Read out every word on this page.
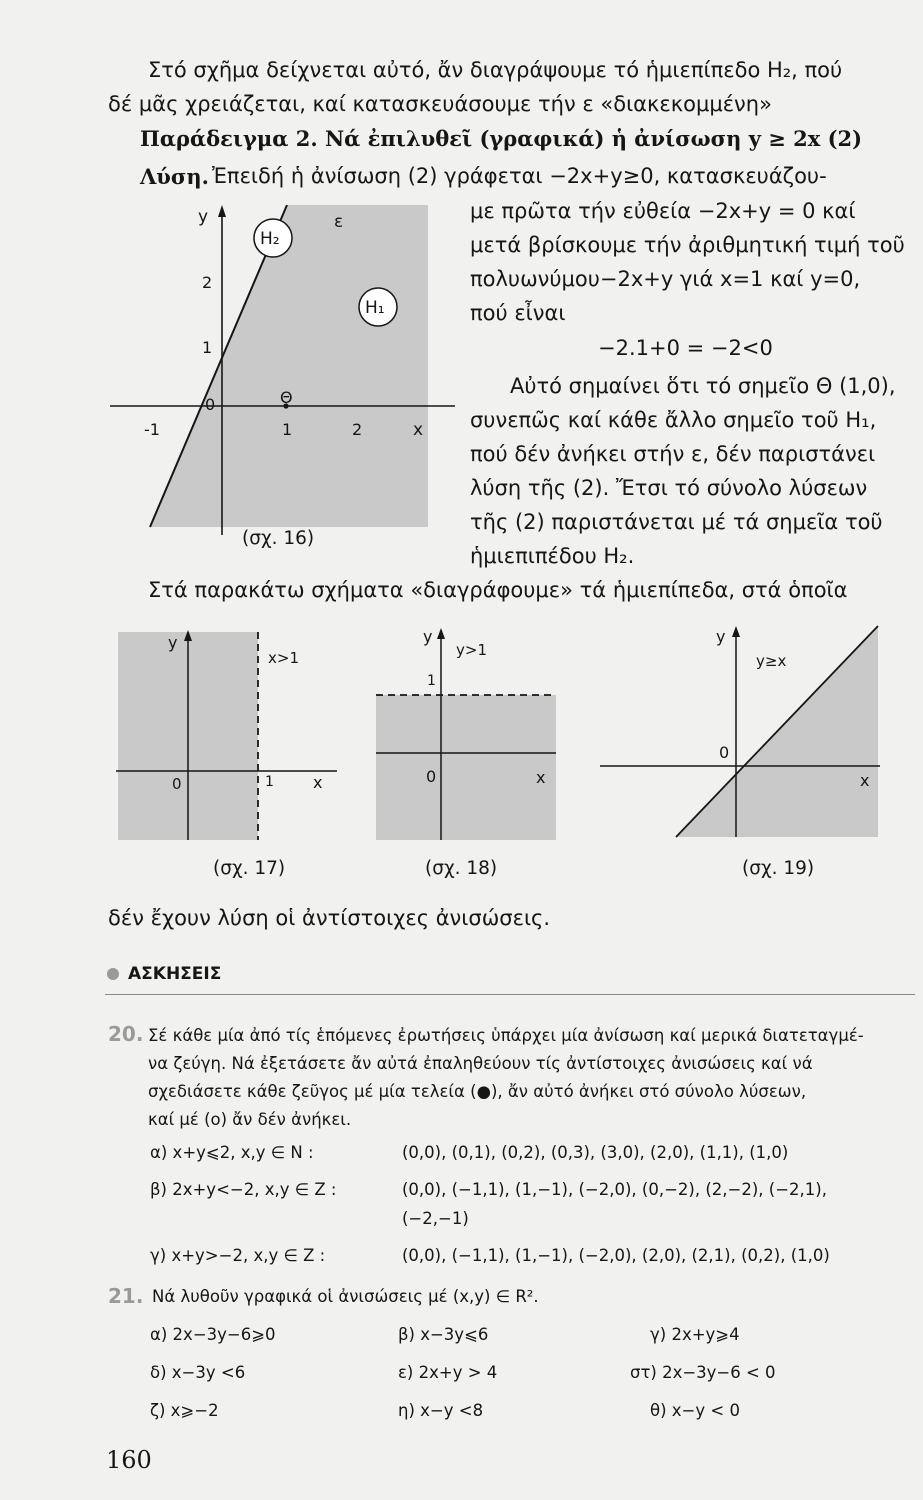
Στό σχῆμα δείχνεται αὐτό, ἄν διαγράψουμε τό ἡμιεπίπεδο H₂, πού
δέ μᾶς χρειάζεται, καί κατασκευάσουμε τήν ε «διακεκομμένη»
Παράδειγμα 2. Νά ἐπιλυθεῖ (γραφικά) ἡ ἀνίσωση y ≥ 2x (2)
Λύση. Ἐπειδή ἡ ἀνίσωση (2) γράφεται −2x+y≥0, κατασκευάζου-
με πρῶτα τήν εὐθεία −2x+y = 0 καί
μετά βρίσκουμε τήν ἀριθμητική τιμή τοῦ
πολυωνύμου−2x+y γιά x=1 καί y=0,
πού εἶναι
−2.1+0 = −2<0
Αὐτό σημαίνει ὅτι τό σημεῖο Θ (1,0),
συνεπῶς καί κάθε ἄλλο σημεῖο τοῦ H₁,
πού δέν ἀνήκει στήν ε, δέν παριστάνει
λύση τῆς (2). Ἔτσι τό σύνολο λύσεων
τῆς (2) παριστάνεται μέ τά σημεῖα τοῦ
ἡμιεπιπέδου H₂.
Στά παρακάτω σχήματα «διαγράφουμε» τά ἡμιεπίπεδα, στά ὁποῖα
y	ε
H₂
H₁
2
1
0	Θ
-1	1	2	x
(σχ. 16)
y
x>1
0	1 x
(σχ. 17)
y
y>1
1
0	x
(σχ. 18)
y
y≥x
0
x
(σχ. 19)
δέν ἔχουν λύση οἱ ἀντίστοιχες ἀνισώσεις.
ΑΣΚΗΣΕΙΣ
20. Σέ κάθε μία ἀπό τίς ἑπόμενες ἐρωτήσεις ὑπάρχει μία ἀνίσωση καί μερικά διατεταγμέ-
να ζεύγη. Νά ἐξετάσετε ἄν αὐτά ἐπαληθεύουν τίς ἀντίστοιχες ἀνισώσεις καί νά
σχεδιάσετε κάθε ζεῦγος μέ μία τελεία (●), ἄν αὐτό ἀνήκει στό σύνολο λύσεων,
καί μέ (o) ἄν δέν ἀνήκει.
α) x+y⩽2, x,y ∈ N :	(0,0), (0,1), (0,2), (0,3), (3,0), (2,0), (1,1), (1,0)
β) 2x+y<−2, x,y ∈ Z :	(0,0), (−1,1), (1,−1), (−2,0), (0,−2), (2,−2), (−2,1),
(−2,−1)
γ) x+y>−2, x,y ∈ Z :	(0,0), (−1,1), (1,−1), (−2,0), (2,0), (2,1), (0,2), (1,0)
21. Νά λυθοῦν γραφικά οἱ ἀνισώσεις μέ (x,y) ∈ R².
α) 2x−3y−6⩾0	β) x−3y⩽6	γ) 2x+y⩾4
δ) x−3y <6	ε) 2x+y > 4	στ) 2x−3y−6 < 0
ζ) x⩾−2	η) x−y <8	θ) x−y < 0
160
